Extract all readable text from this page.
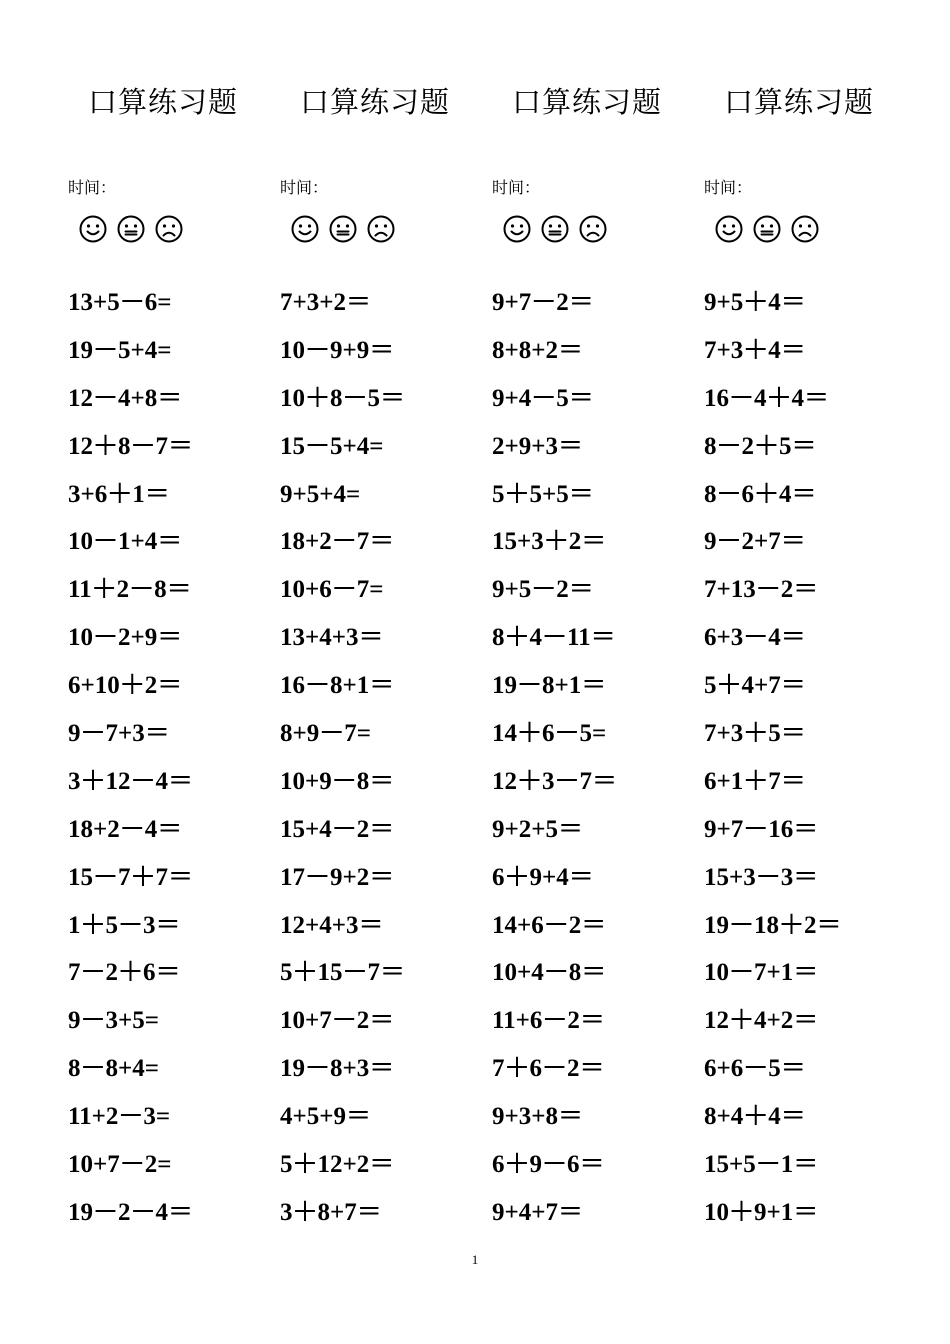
口算练习题
时间：
13+5－6=
19－5+4=
12－4+8＝
12＋8－7＝
3+6＋1＝
10－1+4＝
11＋2－8＝
10－2+9＝
6+10＋2＝
9－7+3＝
3＋12－4＝
18+2－4＝
15－7＋7＝
1＋5－3＝
7－2＋6＝
9－3+5=
8－8+4=
11+2－3=
10+7－2=
19－2－4＝
口算练习题
时间：
7+3+2＝
10－9+9＝
10＋8－5＝
15－5+4=
9+5+4=
18+2－7＝
10+6－7=
13+4+3＝
16－8+1＝
8+9－7=
10+9－8＝
15+4－2＝
17－9+2＝
12+4+3＝
5＋15－7＝
10+7－2＝
19－8+3＝
4+5+9＝
5＋12+2＝
3＋8+7＝
口算练习题
时间：
9+7－2＝
8+8+2＝
9+4－5＝
2+9+3＝
5＋5+5＝
15+3＋2＝
9+5－2＝
8＋4－11＝
19－8+1＝
14＋6－5=
12＋3－7＝
9+2+5＝
6＋9+4＝
14+6－2＝
10+4－8＝
11+6－2＝
7＋6－2＝
9+3+8＝
6＋9－6＝
9+4+7＝
口算练习题
时间：
9+5＋4＝
7+3＋4＝
16－4＋4＝
8－2＋5＝
8－6＋4＝
9－2+7＝
7+13－2＝
6+3－4＝
5＋4+7＝
7+3＋5＝
6+1＋7＝
9+7－16＝
15+3－3＝
19－18＋2＝
10－7+1＝
12＋4+2＝
6+6－5＝
8+4＋4＝
15+5－1＝
10＋9+1＝
1
